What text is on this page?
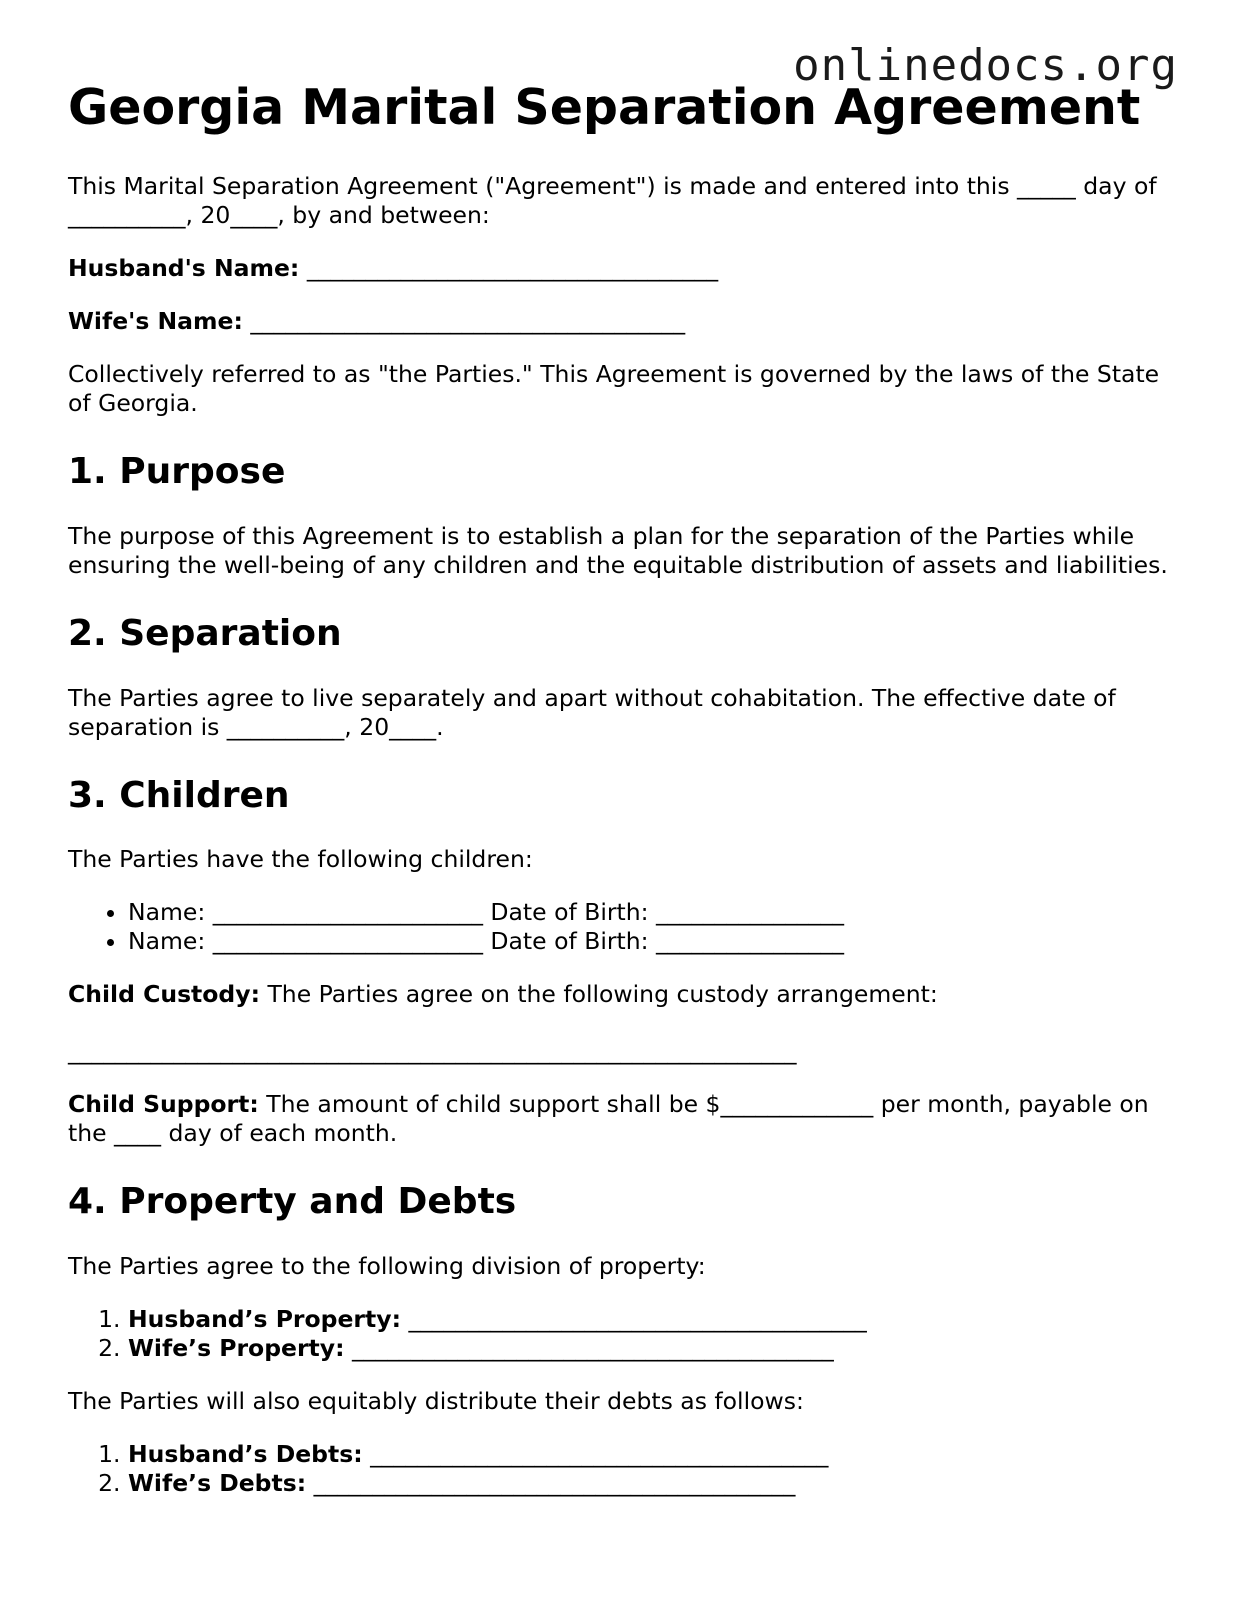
onlinedocs.org
Georgia Marital Separation Agreement

This Marital Separation Agreement ("Agreement") is made and entered into this _____ day of __________, 20____, by and between:

Husband's Name: ___________________________________

Wife's Name: _____________________________________

Collectively referred to as "the Parties." This Agreement is governed by the laws of the State of Georgia.

1. Purpose

The purpose of this Agreement is to establish a plan for the separation of the Parties while ensuring the well-being of any children and the equitable distribution of assets and liabilities.

2. Separation

The Parties agree to live separately and apart without cohabitation. The effective date of separation is __________, 20____.

3. Children

The Parties have the following children:

• Name: _______________________ Date of Birth: ________________
• Name: _______________________ Date of Birth: ________________

Child Custody: The Parties agree on the following custody arrangement:

______________________________________________________________

Child Support: The amount of child support shall be $_____________ per month, payable on the ____ day of each month.

4. Property and Debts

The Parties agree to the following division of property:

1. Husband’s Property: _______________________________________
2. Wife’s Property: _________________________________________

The Parties will also equitably distribute their debts as follows:

1. Husband’s Debts: _______________________________________
2. Wife’s Debts: _________________________________________
